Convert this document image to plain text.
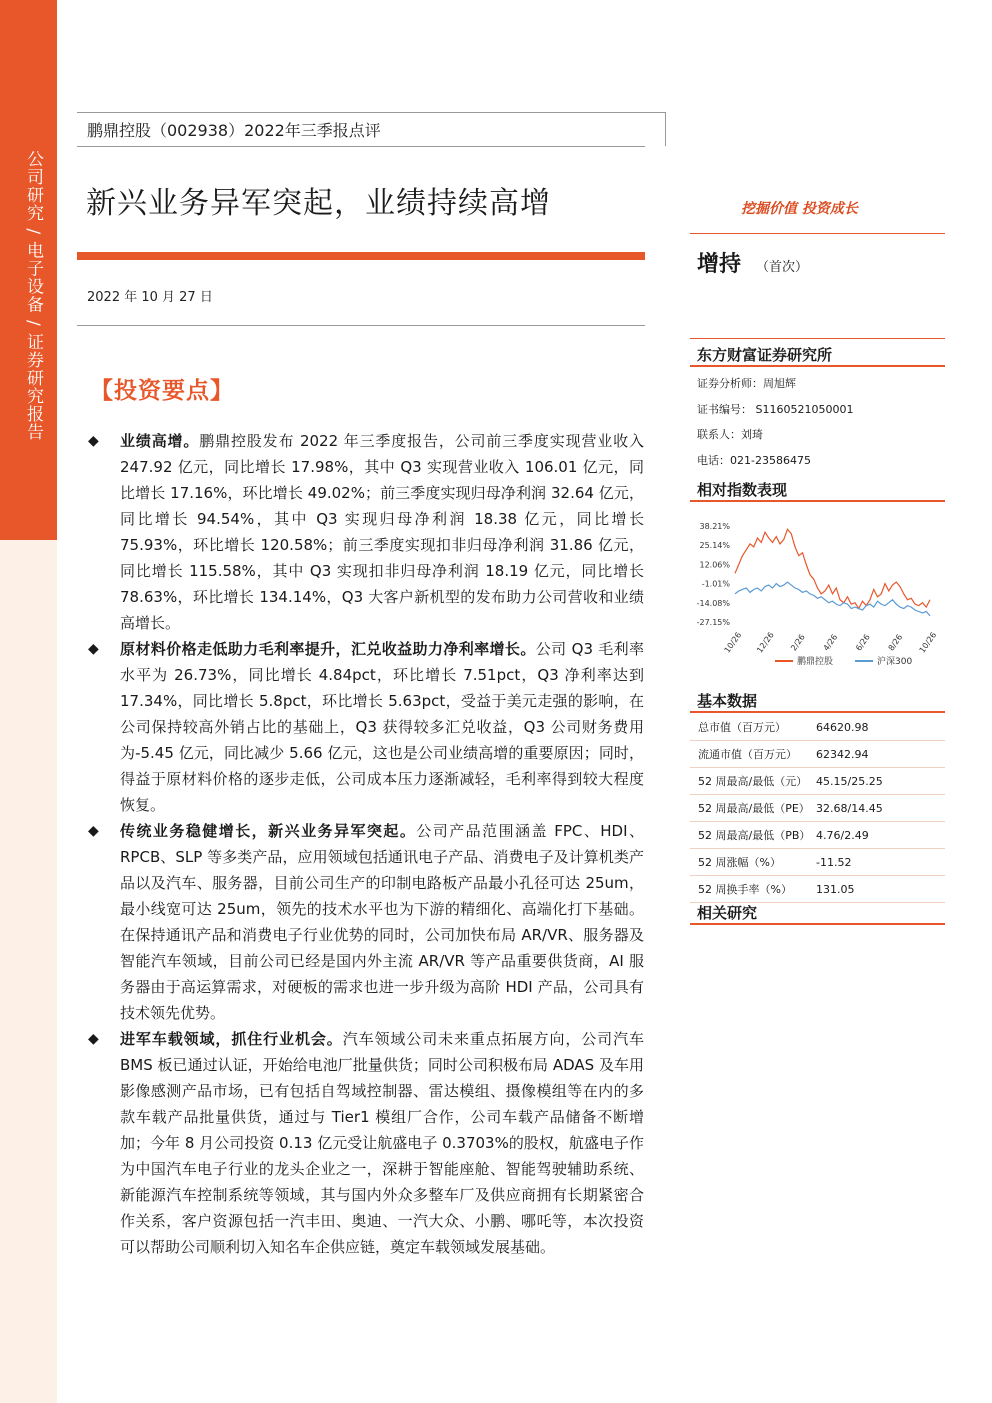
公司研究 / 电子设备 / 证券研究报告
鹏鼎控股（002938）2022年三季报点评
新兴业务异军突起，业绩持续高增	挖掘价值 投资成长
2022 年 10 月 27 日
增持 （首次）
东方财富证券研究所
证券分析师：周旭辉
证书编号： S1160521050001
联系人：刘琦
电话：021-23586475
相对指数表现
38.21%
25.14%
12.06%
-1.01%
-14.08%
-27.15%
10/26 12/26 2/26 4/26 6/26 8/26 10/26
鹏鼎控股	沪深300
基本数据
总市值（百万元）	64620.98
流通市值（百万元）	62342.94
52 周最高/最低（元）	45.15/25.25
52 周最高/最低（PE）	32.68/14.45
52 周最高/最低（PB）	4.76/2.49
52 周涨幅（%）	-11.52
52 周换手率（%）	131.05
相关研究
【投资要点】
◆ 业绩高增。鹏鼎控股发布 2022 年三季度报告，公司前三季度实现营业收入 247.92 亿元，同比增长 17.98%，其中 Q3 实现营业收入 106.01 亿元，同比增长 17.16%，环比增长 49.02%；前三季度实现归母净利润 32.64 亿元，同比增长 94.54%，其中 Q3 实现归母净利润 18.38 亿元，同比增长 75.93%，环比增长 120.58%；前三季度实现扣非归母净利润 31.86 亿元，同比增长 115.58%，其中 Q3 实现扣非归母净利润 18.19 亿元，同比增长 78.63%，环比增长 134.14%，Q3 大客户新机型的发布助力公司营收和业绩高增长。
◆ 原材料价格走低助力毛利率提升，汇兑收益助力净利率增长。公司 Q3 毛利率水平为 26.73%，同比增长 4.84pct，环比增长 7.51pct，Q3 净利率达到 17.34%，同比增长 5.8pct，环比增长 5.63pct，受益于美元走强的影响，在公司保持较高外销占比的基础上，Q3 获得较多汇兑收益，Q3 公司财务费用为-5.45 亿元，同比减少 5.66 亿元，这也是公司业绩高增的重要原因；同时，得益于原材料价格的逐步走低，公司成本压力逐渐减轻，毛利率得到较大程度恢复。
◆ 传统业务稳健增长，新兴业务异军突起。公司产品范围涵盖 FPC、HDI、RPCB、SLP 等多类产品，应用领域包括通讯电子产品、消费电子及计算机类产品以及汽车、服务器，目前公司生产的印制电路板产品最小孔径可达 25um，最小线宽可达 25um，领先的技术水平也为下游的精细化、高端化打下基础。在保持通讯产品和消费电子行业优势的同时，公司加快布局 AR/VR、服务器及智能汽车领域，目前公司已经是国内外主流 AR/VR 等产品重要供货商，AI 服务器由于高运算需求，对硬板的需求也进一步升级为高阶 HDI 产品，公司具有技术领先优势。
◆ 进军车载领域，抓住行业机会。汽车领域公司未来重点拓展方向，公司汽车 BMS 板已通过认证，开始给电池厂批量供货；同时公司积极布局 ADAS 及车用影像感测产品市场，已有包括自驾域控制器、雷达模组、摄像模组等在内的多款车载产品批量供货，通过与 Tier1 模组厂合作，公司车载产品储备不断增加；今年 8 月公司投资 0.13 亿元受让航盛电子 0.3703%的股权，航盛电子作为中国汽车电子行业的龙头企业之一，深耕于智能座舱、智能驾驶辅助系统、新能源汽车控制系统等领域，其与国内外众多整车厂及供应商拥有长期紧密合作关系，客户资源包括一汽丰田、奥迪、一汽大众、小鹏、哪吒等，本次投资可以帮助公司顺利切入知名车企供应链，奠定车载领域发展基础。
